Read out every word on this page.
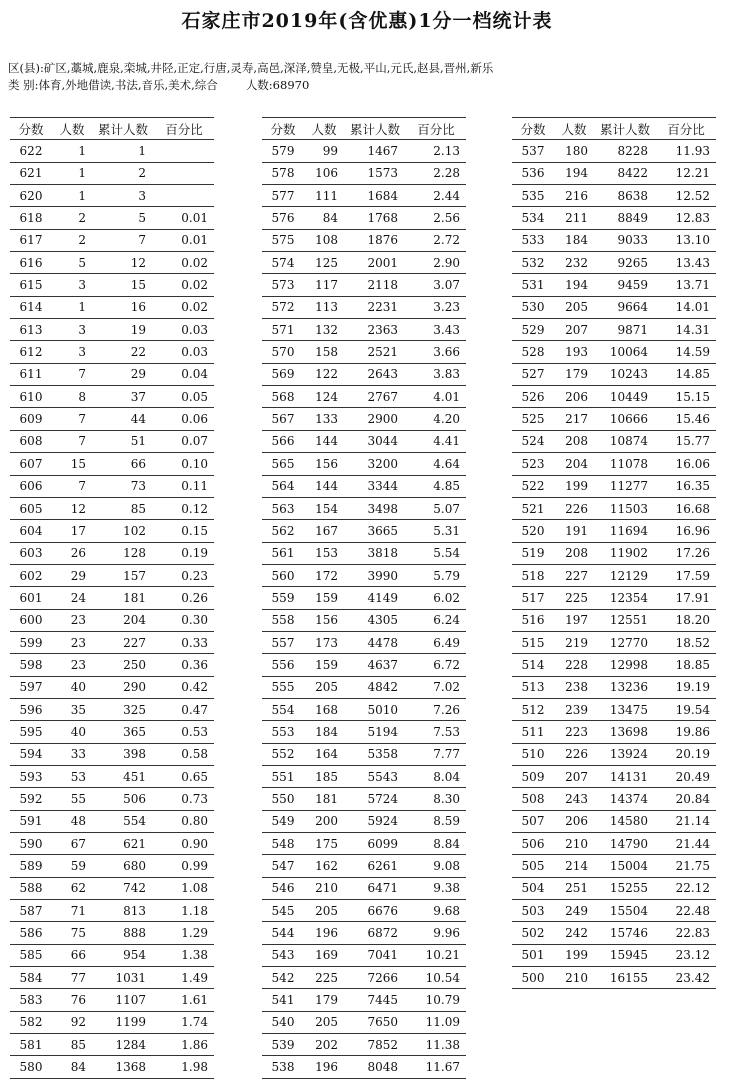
石家庄市2019年(含优惠)1分一档统计表
区(县):矿区,藁城,鹿泉,栾城,井陉,正定,行唐,灵寿,高邑,深泽,赞皇,无极,平山,元氏,赵县,晋州,新乐
类 别:体育,外地借读,书法,音乐,美术,综合 人数:68970
分数	人数	累计人数	百分比
622	1	1	
621	1	2	
620	1	3	
618	2	5	0.01
617	2	7	0.01
616	5	12	0.02
615	3	15	0.02
614	1	16	0.02
613	3	19	0.03
612	3	22	0.03
611	7	29	0.04
610	8	37	0.05
609	7	44	0.06
608	7	51	0.07
607	15	66	0.10
606	7	73	0.11
605	12	85	0.12
604	17	102	0.15
603	26	128	0.19
602	29	157	0.23
601	24	181	0.26
600	23	204	0.30
599	23	227	0.33
598	23	250	0.36
597	40	290	0.42
596	35	325	0.47
595	40	365	0.53
594	33	398	0.58
593	53	451	0.65
592	55	506	0.73
591	48	554	0.80
590	67	621	0.90
589	59	680	0.99
588	62	742	1.08
587	71	813	1.18
586	75	888	1.29
585	66	954	1.38
584	77	1031	1.49
583	76	1107	1.61
582	92	1199	1.74
581	85	1284	1.86
580	84	1368	1.98
分数	人数	累计人数	百分比
579	99	1467	2.13
578	106	1573	2.28
577	111	1684	2.44
576	84	1768	2.56
575	108	1876	2.72
574	125	2001	2.90
573	117	2118	3.07
572	113	2231	3.23
571	132	2363	3.43
570	158	2521	3.66
569	122	2643	3.83
568	124	2767	4.01
567	133	2900	4.20
566	144	3044	4.41
565	156	3200	4.64
564	144	3344	4.85
563	154	3498	5.07
562	167	3665	5.31
561	153	3818	5.54
560	172	3990	5.79
559	159	4149	6.02
558	156	4305	6.24
557	173	4478	6.49
556	159	4637	6.72
555	205	4842	7.02
554	168	5010	7.26
553	184	5194	7.53
552	164	5358	7.77
551	185	5543	8.04
550	181	5724	8.30
549	200	5924	8.59
548	175	6099	8.84
547	162	6261	9.08
546	210	6471	9.38
545	205	6676	9.68
544	196	6872	9.96
543	169	7041	10.21
542	225	7266	10.54
541	179	7445	10.79
540	205	7650	11.09
539	202	7852	11.38
538	196	8048	11.67
分数	人数	累计人数	百分比
537	180	8228	11.93
536	194	8422	12.21
535	216	8638	12.52
534	211	8849	12.83
533	184	9033	13.10
532	232	9265	13.43
531	194	9459	13.71
530	205	9664	14.01
529	207	9871	14.31
528	193	10064	14.59
527	179	10243	14.85
526	206	10449	15.15
525	217	10666	15.46
524	208	10874	15.77
523	204	11078	16.06
522	199	11277	16.35
521	226	11503	16.68
520	191	11694	16.96
519	208	11902	17.26
518	227	12129	17.59
517	225	12354	17.91
516	197	12551	18.20
515	219	12770	18.52
514	228	12998	18.85
513	238	13236	19.19
512	239	13475	19.54
511	223	13698	19.86
510	226	13924	20.19
509	207	14131	20.49
508	243	14374	20.84
507	206	14580	21.14
506	210	14790	21.44
505	214	15004	21.75
504	251	15255	22.12
503	249	15504	22.48
502	242	15746	22.83
501	199	15945	23.12
500	210	16155	23.42
